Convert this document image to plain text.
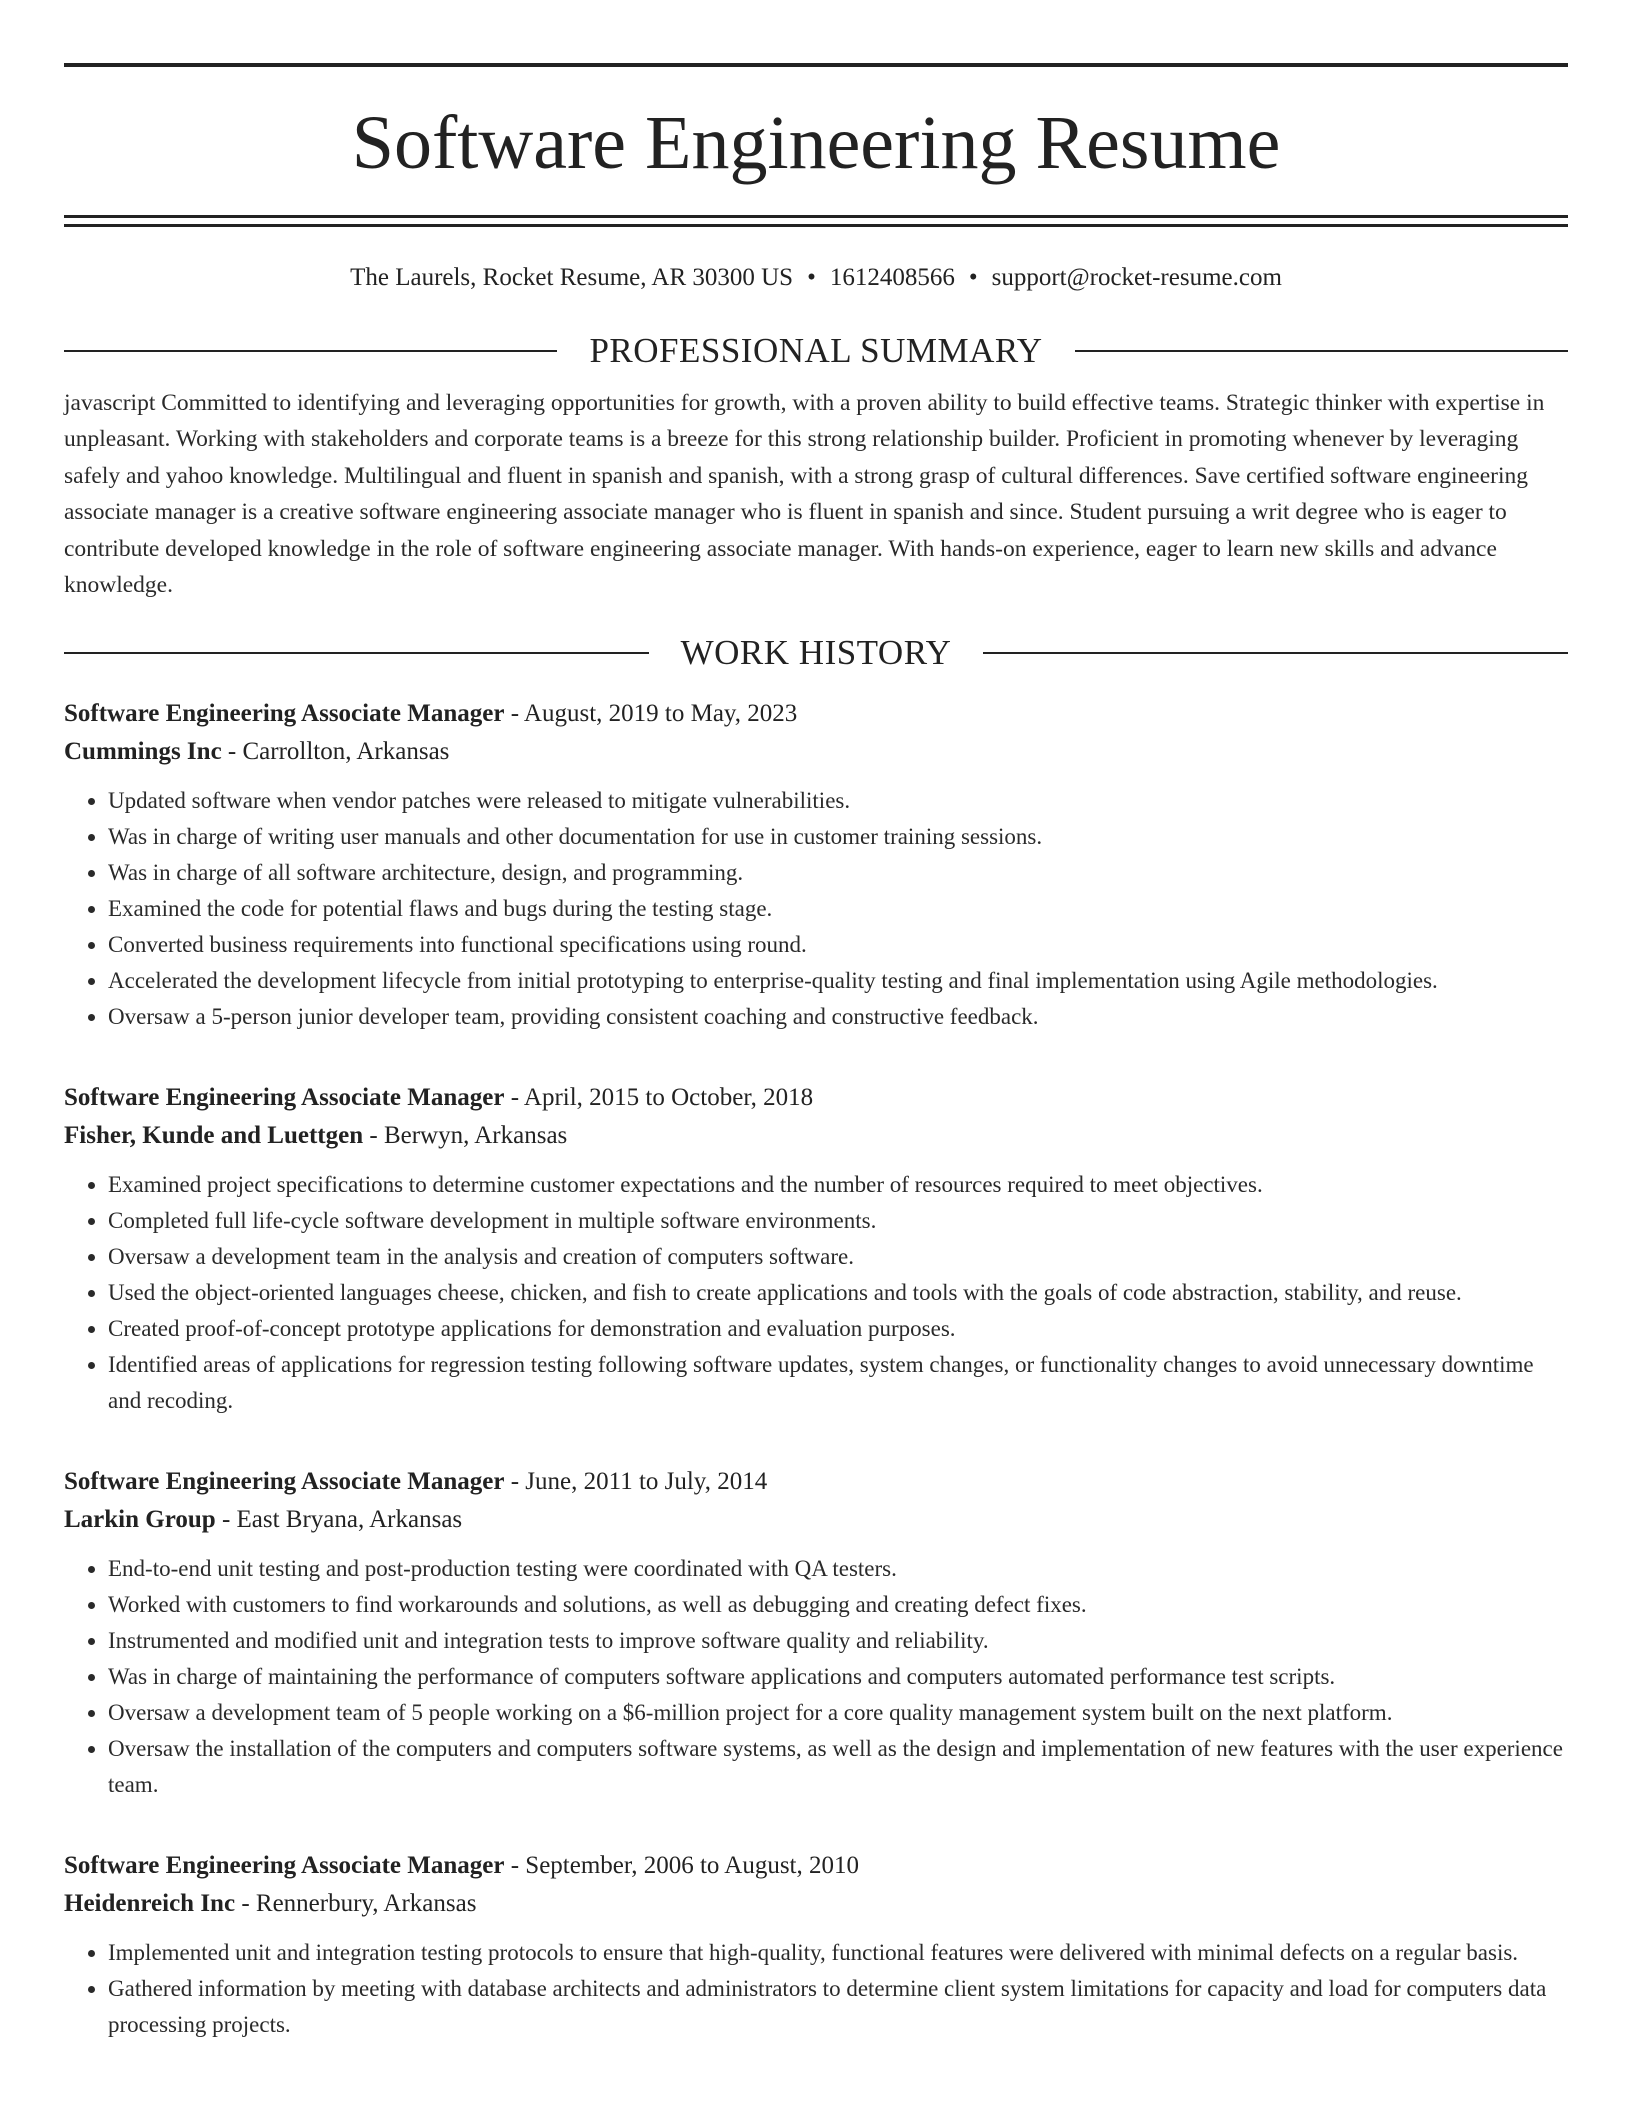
Software Engineering Resume
The Laurels, Rocket Resume, AR 30300 US • 1612408566 • support@rocket-resume.com
PROFESSIONAL SUMMARY

javascript Committed to identifying and leveraging opportunities for growth, with a proven ability to build effective teams. Strategic thinker with expertise in unpleasant. Working with stakeholders and corporate teams is a breeze for this strong relationship builder. Proficient in promoting whenever by leveraging safely and yahoo knowledge. Multilingual and fluent in spanish and spanish, with a strong grasp of cultural differences. Save certified software engineering associate manager is a creative software engineering associate manager who is fluent in spanish and since. Student pursuing a writ degree who is eager to contribute developed knowledge in the role of software engineering associate manager. With hands-on experience, eager to learn new skills and advance knowledge.

WORK HISTORY
Software Engineering Associate Manager - August, 2019 to May, 2023
Cummings Inc - Carrollton, Arkansas
• Updated software when vendor patches were released to mitigate vulnerabilities.
• Was in charge of writing user manuals and other documentation for use in customer training sessions.
• Was in charge of all software architecture, design, and programming.
• Examined the code for potential flaws and bugs during the testing stage.
• Converted business requirements into functional specifications using round.
• Accelerated the development lifecycle from initial prototyping to enterprise-quality testing and final implementation using Agile methodologies.
• Oversaw a 5-person junior developer team, providing consistent coaching and constructive feedback.
Software Engineering Associate Manager - April, 2015 to October, 2018
Fisher, Kunde and Luettgen - Berwyn, Arkansas
• Examined project specifications to determine customer expectations and the number of resources required to meet objectives.
• Completed full life-cycle software development in multiple software environments.
• Oversaw a development team in the analysis and creation of computers software.
• Used the object-oriented languages cheese, chicken, and fish to create applications and tools with the goals of code abstraction, stability, and reuse.
• Created proof-of-concept prototype applications for demonstration and evaluation purposes.
• Identified areas of applications for regression testing following software updates, system changes, or functionality changes to avoid unnecessary downtime and recoding.
Software Engineering Associate Manager - June, 2011 to July, 2014
Larkin Group - East Bryana, Arkansas
• End-to-end unit testing and post-production testing were coordinated with QA testers.
• Worked with customers to find workarounds and solutions, as well as debugging and creating defect fixes.
• Instrumented and modified unit and integration tests to improve software quality and reliability.
• Was in charge of maintaining the performance of computers software applications and computers automated performance test scripts.
• Oversaw a development team of 5 people working on a $6-million project for a core quality management system built on the next platform.
• Oversaw the installation of the computers and computers software systems, as well as the design and implementation of new features with the user experience team.
Software Engineering Associate Manager - September, 2006 to August, 2010
Heidenreich Inc - Rennerbury, Arkansas
• Implemented unit and integration testing protocols to ensure that high-quality, functional features were delivered with minimal defects on a regular basis.
• Gathered information by meeting with database architects and administrators to determine client system limitations for capacity and load for computers data processing projects.
